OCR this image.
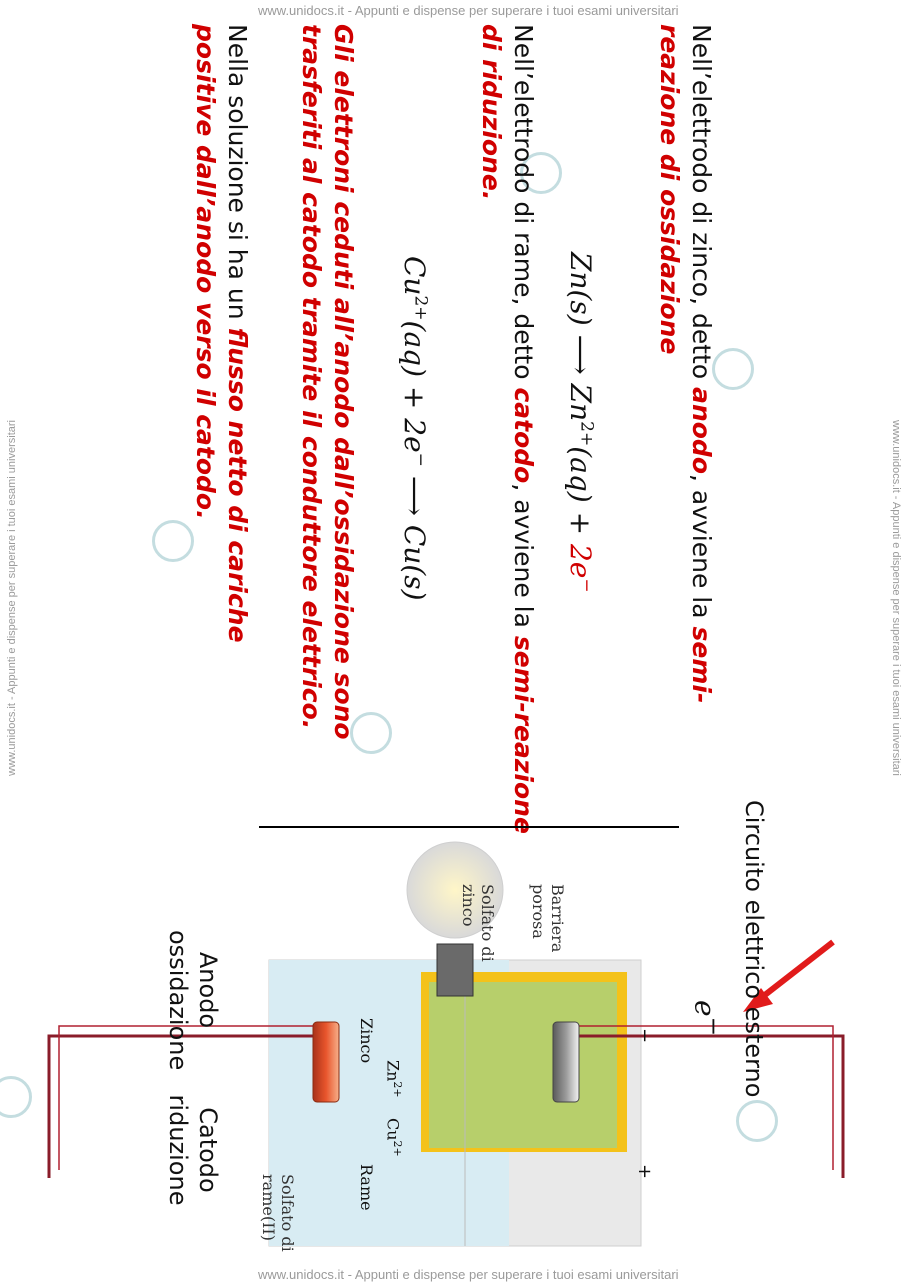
www.unidocs.it - Appunti e dispense per superare i tuoi esami universitari
www.unidocs.it - Appunti e dispense per superare i tuoi esami universitari
www.unidocs.it - Appunti e dispense per superare i tuoi esami universitari	www.unidocs.it - Appunti e dispense per superare i tuoi esami universitari
Nell’elettrodo di zinco, detto anodo, avviene la semi-reazione di ossidazione
Zn(s) ⟶ $Zn^{2+}(aq) + 2e^-$
Nell’elettrodo di rame, detto catodo, avviene la semi-reazione di riduzione.
$Cu^{2+}(aq) + 2e^-$ ⟶ Cu(s)
Gli elettroni ceduti all’anodo dall’ossidazione sono trasferiti al catodo tramite il conduttore elettrico.
Nella soluzione si ha un flusso netto di cariche positive dall’anodo verso il catodo.
Circuito elettrico esterno
e−
−
+
Anodo
ossidazione
Catodo
riduzione
Barriera porosa
Solfato di zinco
Solfato di rame(II)
Zinco
Rame
$Zn^{2+}$
$Cu^{2+}$
